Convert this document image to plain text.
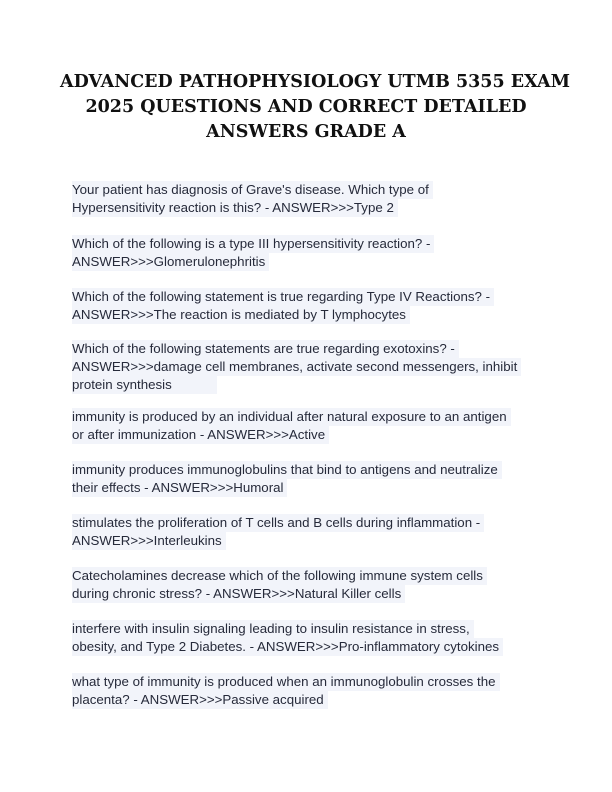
ADVANCED PATHOPHYSIOLOGY UTMB 5355 EXAM
2025 QUESTIONS AND CORRECT DETAILED
ANSWERS GRADE A
Your patient has diagnosis of Grave's disease. Which type of
Hypersensitivity reaction is this? - ANSWER>>>Type 2
Which of the following is a type III hypersensitivity reaction? -
ANSWER>>>Glomerulonephritis
Which of the following statement is true regarding Type IV Reactions? -
ANSWER>>>The reaction is mediated by T lymphocytes
Which of the following statements are true regarding exotoxins? -
ANSWER>>>damage cell membranes, activate second messengers, inhibit
protein synthesis
immunity is produced by an individual after natural exposure to an antigen
or after immunization - ANSWER>>>Active
immunity produces immunoglobulins that bind to antigens and neutralize
their effects - ANSWER>>>Humoral
stimulates the proliferation of T cells and B cells during inflammation -
ANSWER>>>Interleukins
Catecholamines decrease which of the following immune system cells
during chronic stress? - ANSWER>>>Natural Killer cells
interfere with insulin signaling leading to insulin resistance in stress,
obesity, and Type 2 Diabetes. - ANSWER>>>Pro-inflammatory cytokines
what type of immunity is produced when an immunoglobulin crosses the
placenta? - ANSWER>>>Passive acquired
